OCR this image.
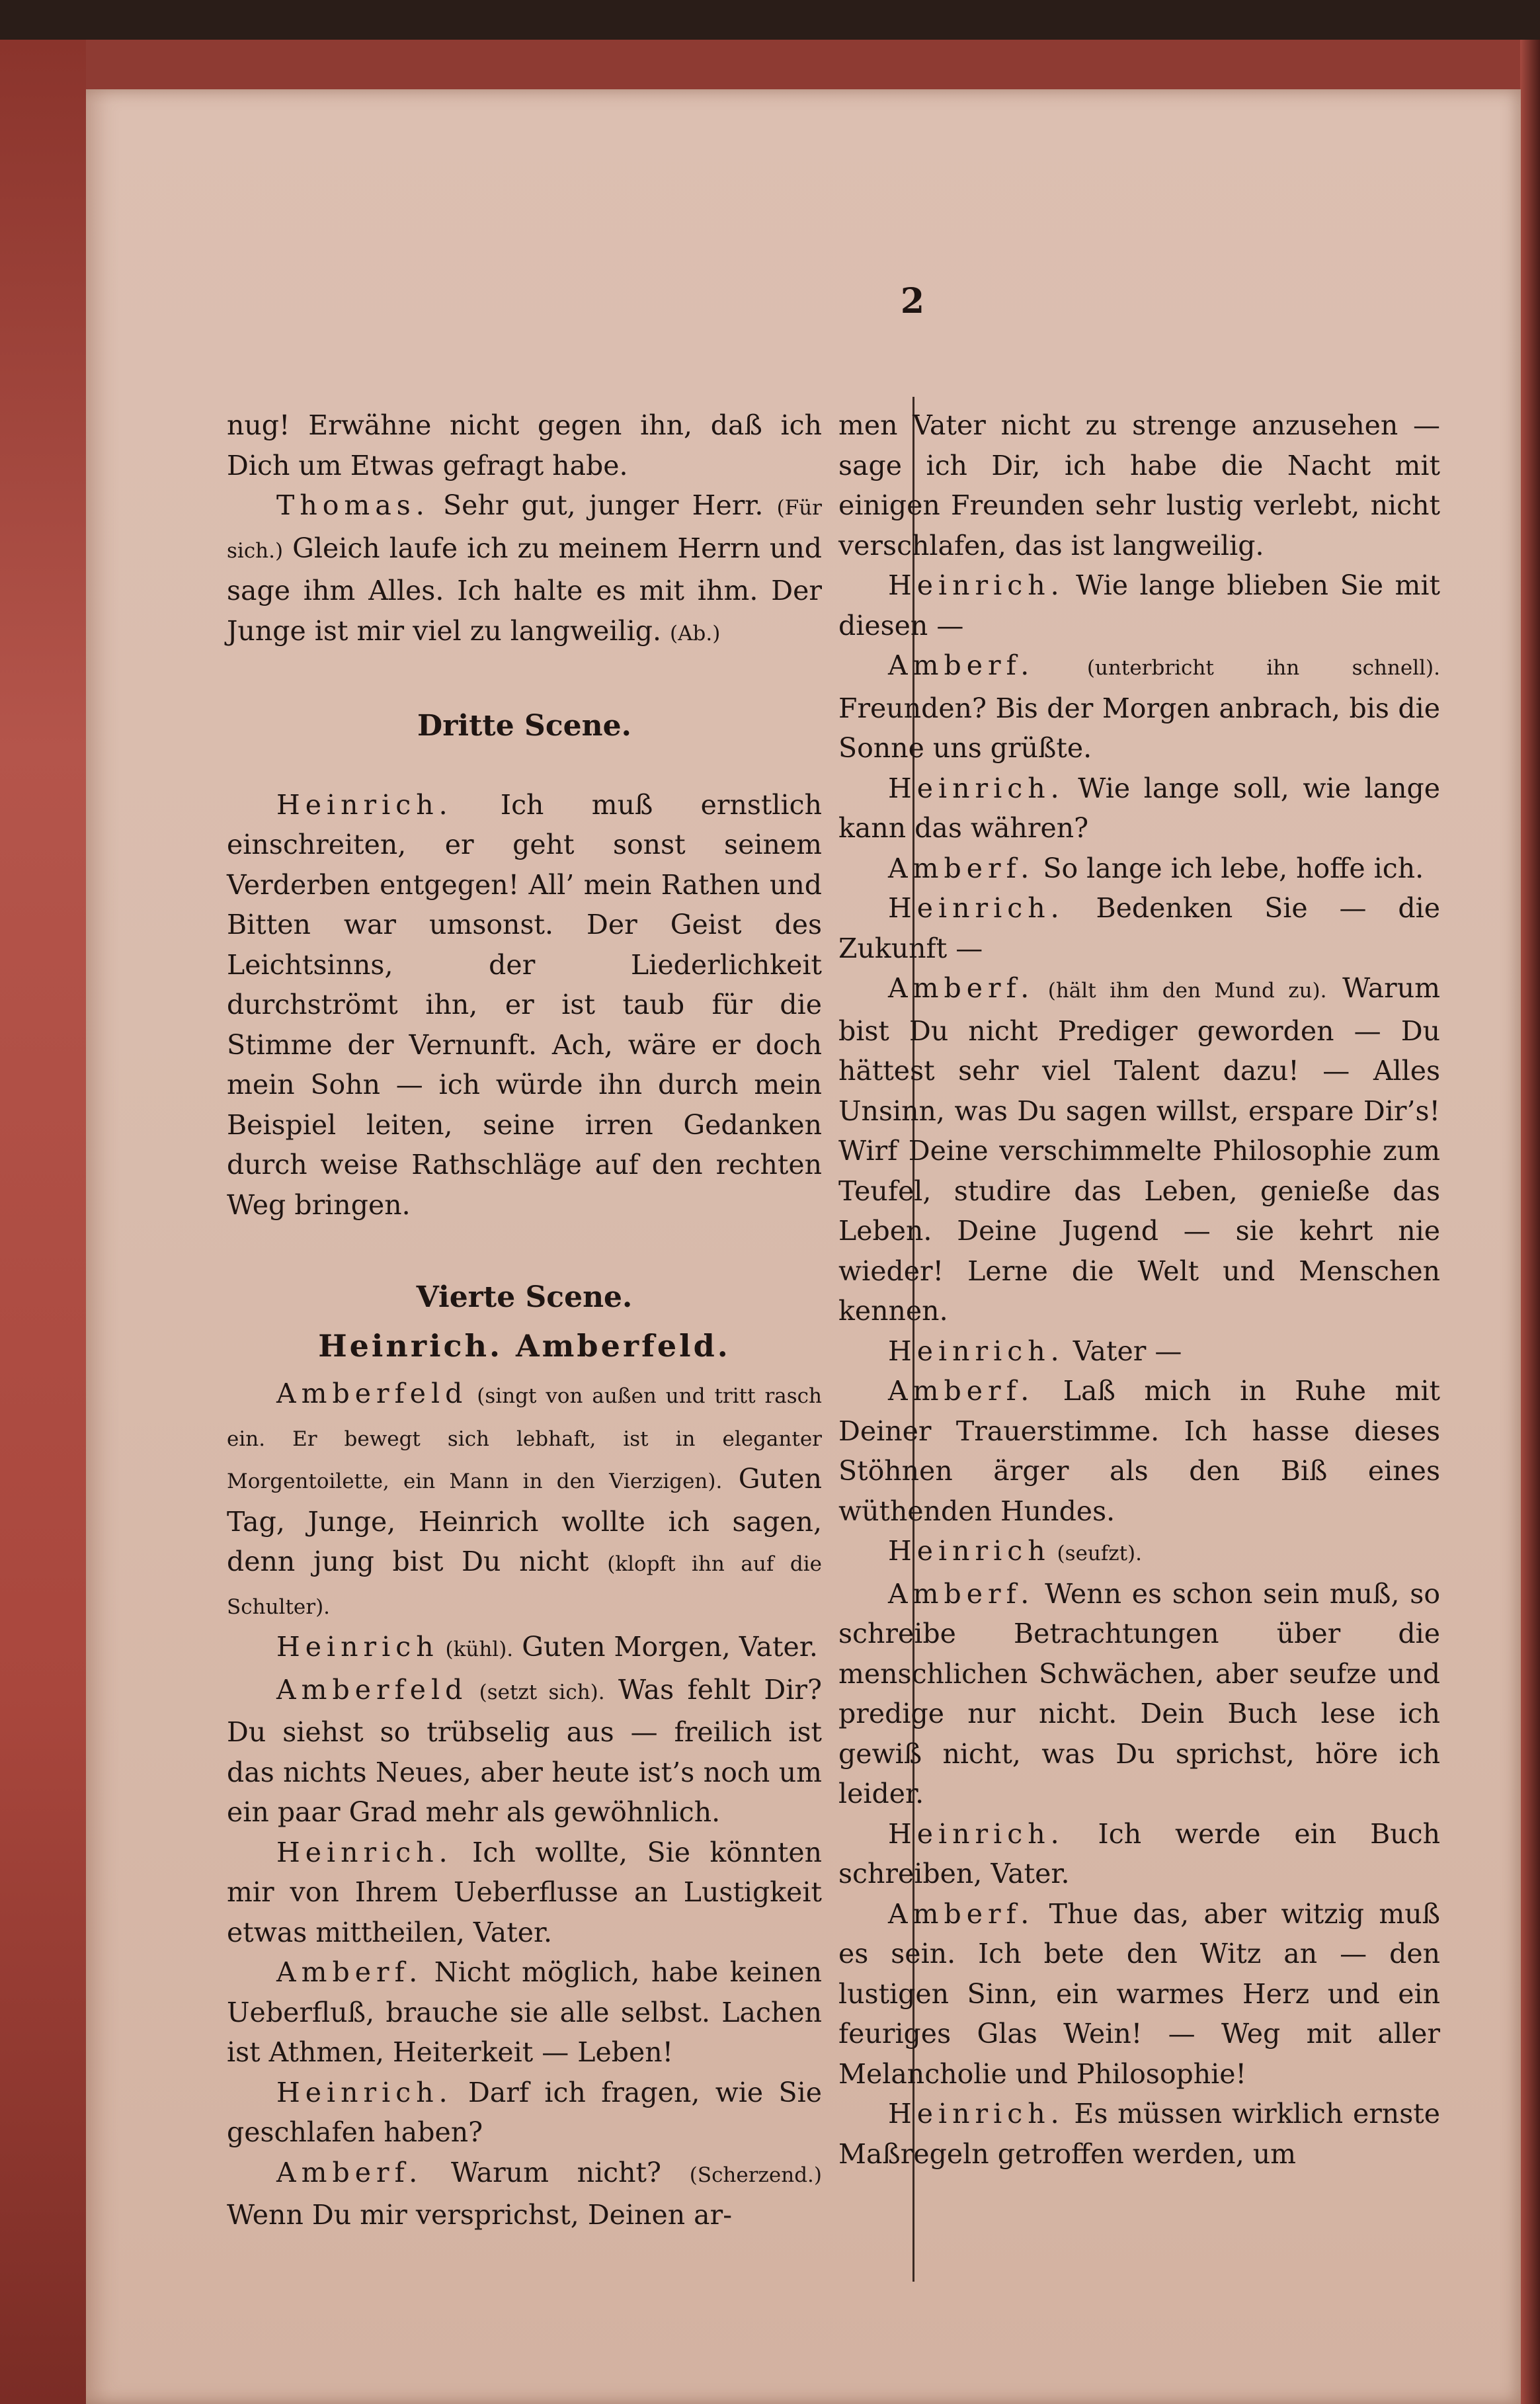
2

nug! Erwähne nicht gegen ihn, daß ich Dich um Etwas gefragt habe.

Thomas. Sehr gut, junger Herr. (Für sich.) Gleich laufe ich zu meinem Herrn und sage ihm Alles. Ich halte es mit ihm. Der Junge ist mir viel zu langweilig. (Ab.)

Dritte Scene.

Heinrich. Ich muß ernstlich einschreiten, er geht sonst seinem Verderben entgegen! All’ mein Rathen und Bitten war umsonst. Der Geist des Leichtsinns, der Liederlichkeit durchströmt ihn, er ist taub für die Stimme der Vernunft. Ach, wäre er doch mein Sohn — ich würde ihn durch mein Beispiel leiten, seine irren Gedanken durch weise Rathschläge auf den rechten Weg bringen.

Vierte Scene.

Heinrich. Amberfeld.

Amberfeld (singt von außen und tritt rasch ein. Er bewegt sich lebhaft, ist in eleganter Morgentoilette, ein Mann in den Vierzigen). Guten Tag, Junge, Heinrich wollte ich sagen, denn jung bist Du nicht (klopft ihn auf die Schulter).

Heinrich (kühl). Guten Morgen, Vater.

Amberfeld (setzt sich). Was fehlt Dir? Du siehst so trübselig aus — freilich ist das nichts Neues, aber heute ist’s noch um ein paar Grad mehr als gewöhnlich.

Heinrich. Ich wollte, Sie könnten mir von Ihrem Ueberflusse an Lustigkeit etwas mittheilen, Vater.

Amberf. Nicht möglich, habe keinen Ueberfluß, brauche sie alle selbst. Lachen ist Athmen, Heiterkeit — Leben!

Heinrich. Darf ich fragen, wie Sie geschlafen haben?

Amberf. Warum nicht? (Scherzend.) Wenn Du mir versprichst, Deinen ar-

men Vater nicht zu strenge anzusehen — sage ich Dir, ich habe die Nacht mit einigen Freunden sehr lustig verlebt, nicht verschlafen, das ist langweilig.

Heinrich. Wie lange blieben Sie mit diesen —

Amberf. (unterbricht ihn schnell). Freunden? Bis der Morgen anbrach, bis die Sonne uns grüßte.

Heinrich. Wie lange soll, wie lange kann das währen?

Amberf. So lange ich lebe, hoffe ich.

Heinrich. Bedenken Sie — die Zukunft —

Amberf. (hält ihm den Mund zu). Warum bist Du nicht Prediger geworden — Du hättest sehr viel Talent dazu! — Alles Unsinn, was Du sagen willst, erspare Dir’s! Wirf Deine verschimmelte Philosophie zum Teufel, studire das Leben, genieße das Leben. Deine Jugend — sie kehrt nie wieder! Lerne die Welt und Menschen kennen.

Heinrich. Vater —

Amberf. Laß mich in Ruhe mit Deiner Trauerstimme. Ich hasse dieses Stöhnen ärger als den Biß eines wüthenden Hundes.

Heinrich (seufzt).

Amberf. Wenn es schon sein muß, so schreibe Betrachtungen über die menschlichen Schwächen, aber seufze und predige nur nicht. Dein Buch lese ich gewiß nicht, was Du sprichst, höre ich leider.

Heinrich. Ich werde ein Buch schreiben, Vater.

Amberf. Thue das, aber witzig muß es sein. Ich bete den Witz an — den lustigen Sinn, ein warmes Herz und ein feuriges Glas Wein! — Weg mit aller Melancholie und Philosophie!

Heinrich. Es müssen wirklich ernste Maßregeln getroffen werden, um
